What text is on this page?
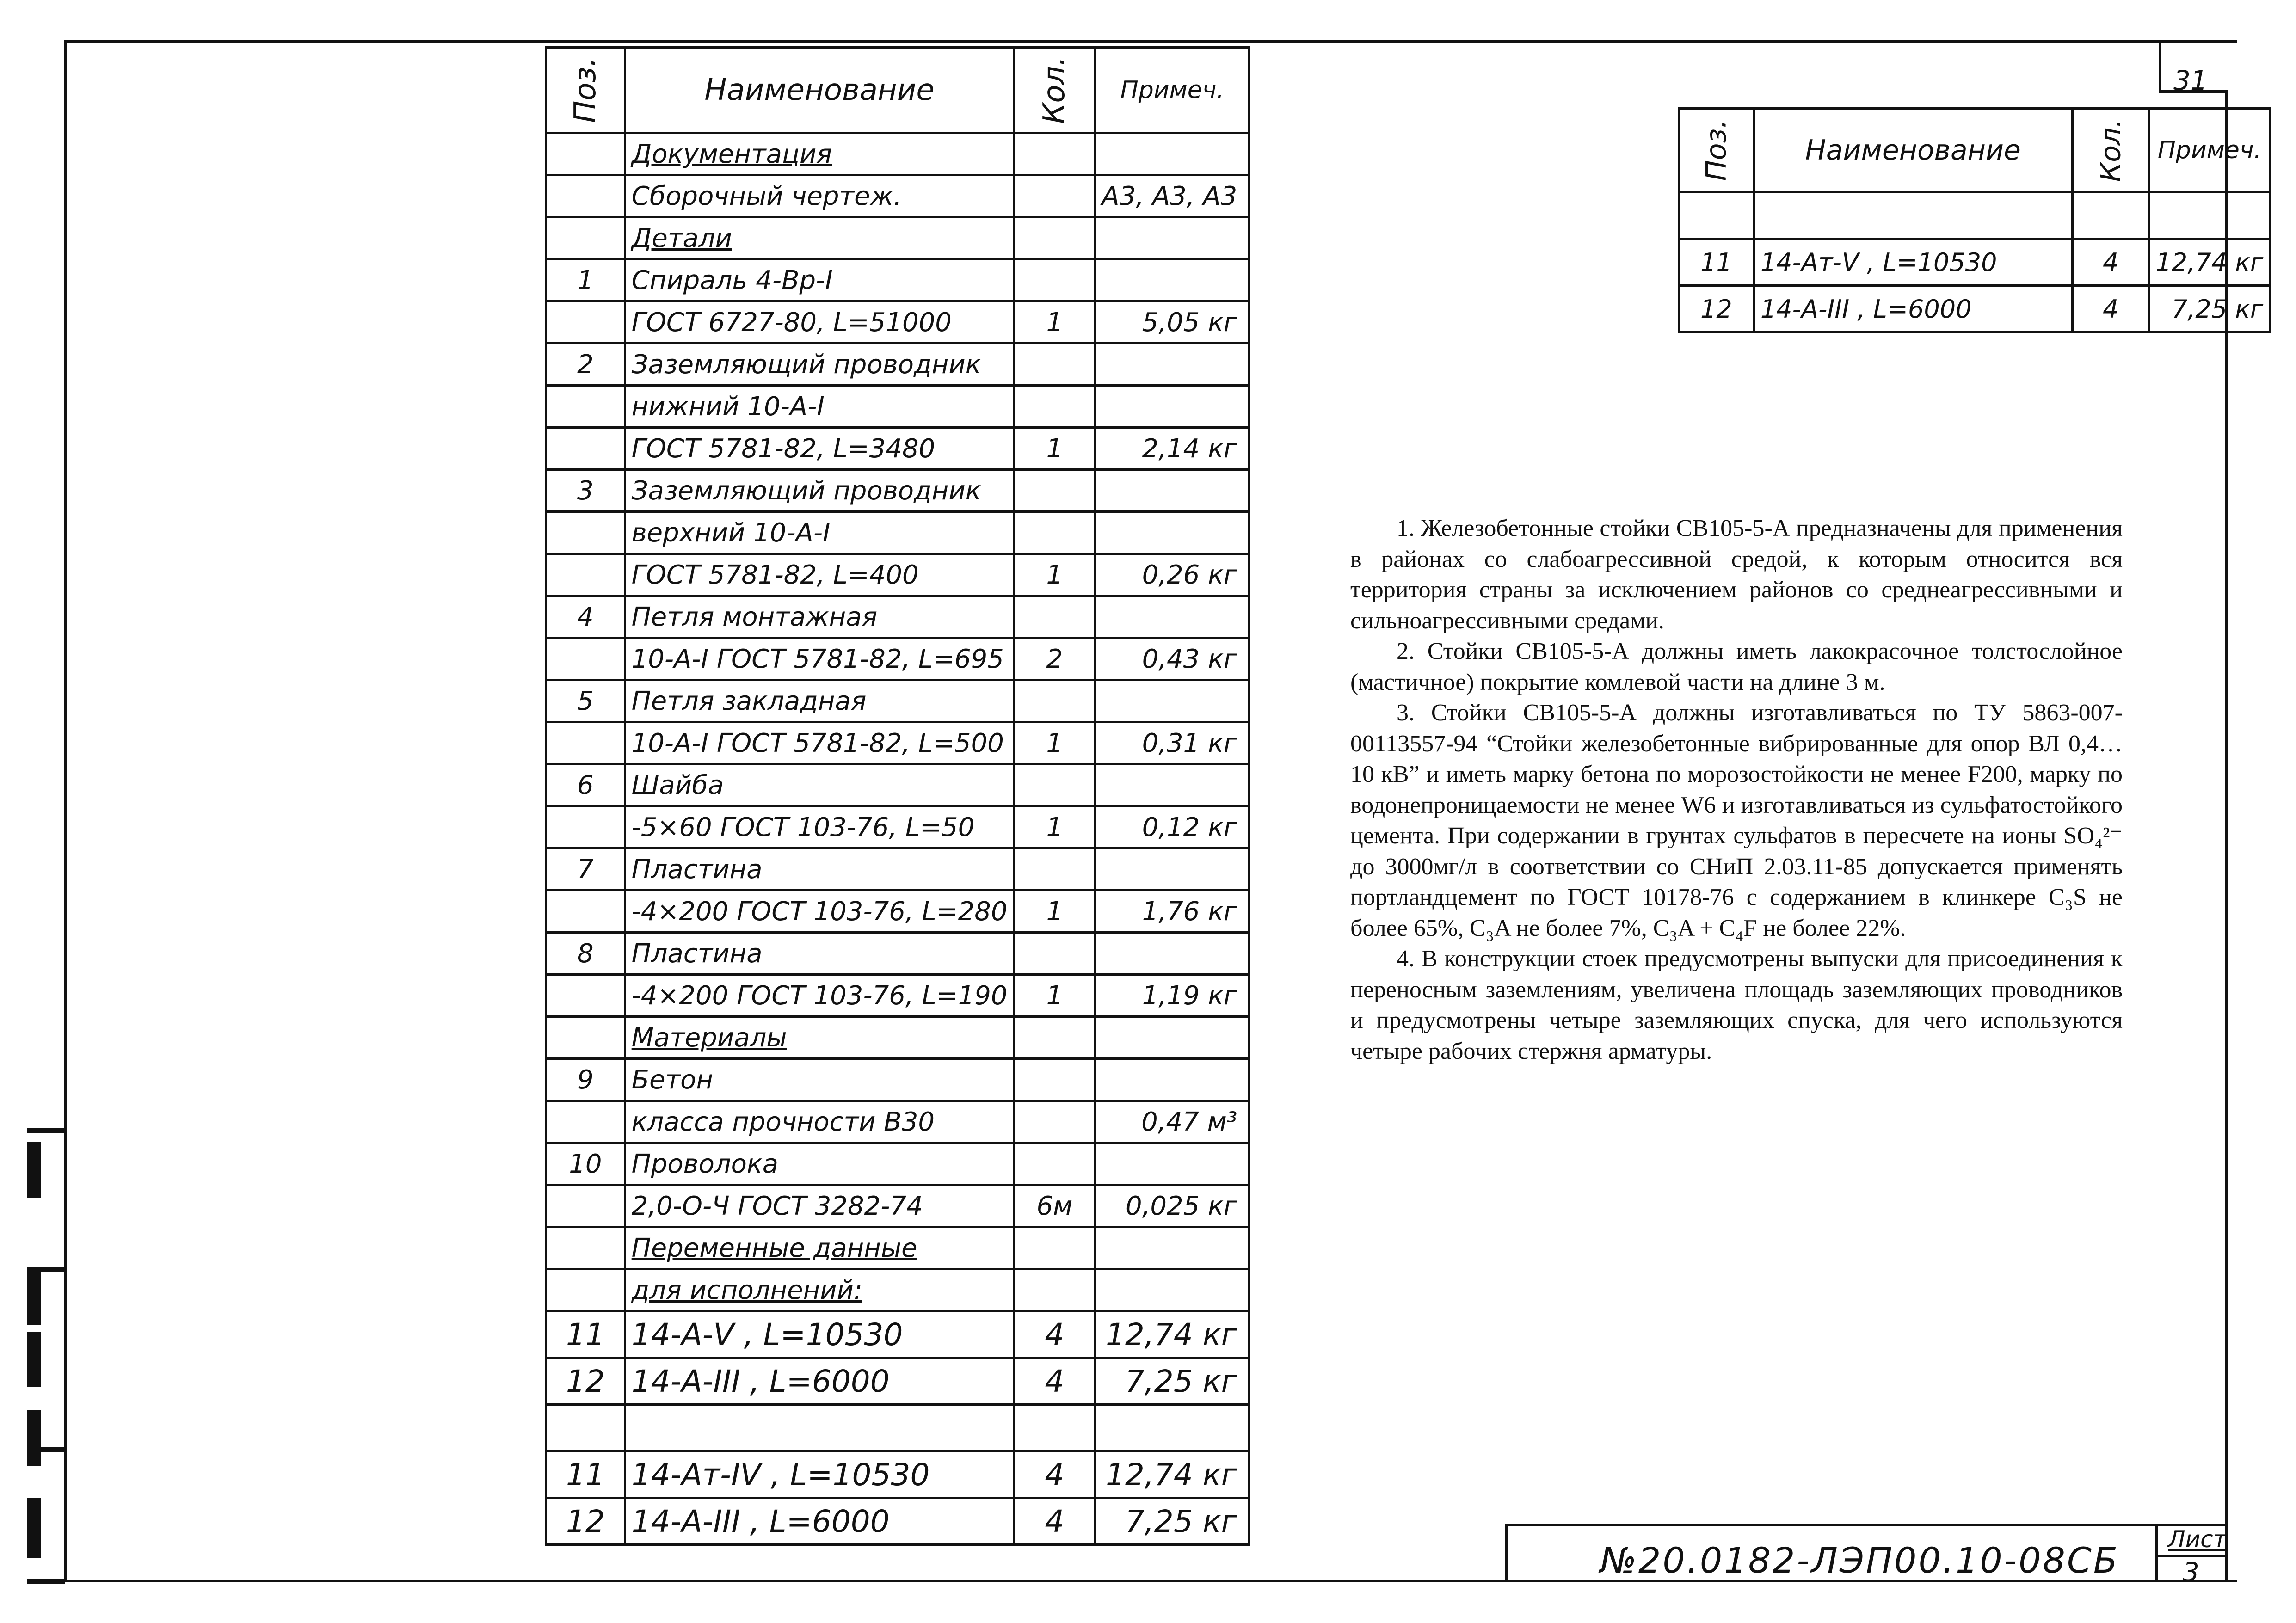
31
Поз.	Наименование	Кол.	Примеч.
	Документация		
	Сборочный чертеж.		А3, А3, А3
	Детали		
1	Спираль 4-Вр-I		
	ГОСТ 6727-80, L=51000	1	5,05 кг
2	Заземляющий проводник		
	нижний 10-А-I		
	ГОСТ 5781-82, L=3480	1	2,14 кг
3	Заземляющий проводник		
	верхний 10-А-I		
	ГОСТ 5781-82, L=400	1	0,26 кг
4	Петля монтажная		
	10-А-I ГОСТ 5781-82, L=695	2	0,43 кг
5	Петля закладная		
	10-А-I ГОСТ 5781-82, L=500	1	0,31 кг
6	Шайба		
	-5×60 ГОСТ 103-76, L=50	1	0,12 кг
7	Пластина		
	-4×200 ГОСТ 103-76, L=280	1	1,76 кг
8	Пластина		
	-4×200 ГОСТ 103-76, L=190	1	1,19 кг
	Материалы		
9	Бетон		
	класса прочности В30		0,47 м³
10	Проволока		
	2,0-О-Ч ГОСТ 3282-74	6м	0,025 кг
	Переменные данные		
	для исполнений:		
11	14-А-V , L=10530	4	12,74 кг
12	14-А-III , L=6000	4	7,25 кг

11	14-Ат-IV , L=10530	4	12,74 кг
12	14-А-III , L=6000	4	7,25 кг
Поз.	Наименование	Кол.	Примеч.

11	14-Ат-V , L=10530	4	12,74 кг
12	14-А-III , L=6000	4	7,25 кг

1. Железобетонные стойки СВ105-5-А предназначены для применения в районах со слабоагрессивной средой, к которым относится вся территория страны за исключением районов со среднеагрессивными и сильноагрессивными средами.

2. Стойки СВ105-5-А должны иметь лакокрасочное толстослойное (мастичное) покрытие комлевой части на длине 3 м.

3. Стойки СВ105-5-А должны изготавливаться по ТУ 5863-007-00113557-94 “Стойки железобетонные вибрированные для опор ВЛ 0,4…10 кВ” и иметь марку бетона по морозостойкости не менее F200, марку по водонепроницаемости не менее W6 и изготавливаться из сульфатостойкого цемента. При содержании в грунтах сульфатов в пересчете на ионы SO₄²⁻ до 3000мг/л в соответствии со СНиП 2.03.11-85 допускается применять портландцемент по ГОСТ 10178-76 с содержанием в клинкере C₃S не более 65%, C₃A не более 7%, C₃A + C₄F не более 22%.

4. В конструкции стоек предусмотрены выпуски для присоединения к переносным заземлениям, увеличена площадь заземляющих проводников и предусмотрены четыре заземляющих спуска, для чего используются четыре рабочих стержня арматуры.

№20.0182-ЛЭП00.10-08СБ
Лист
3
